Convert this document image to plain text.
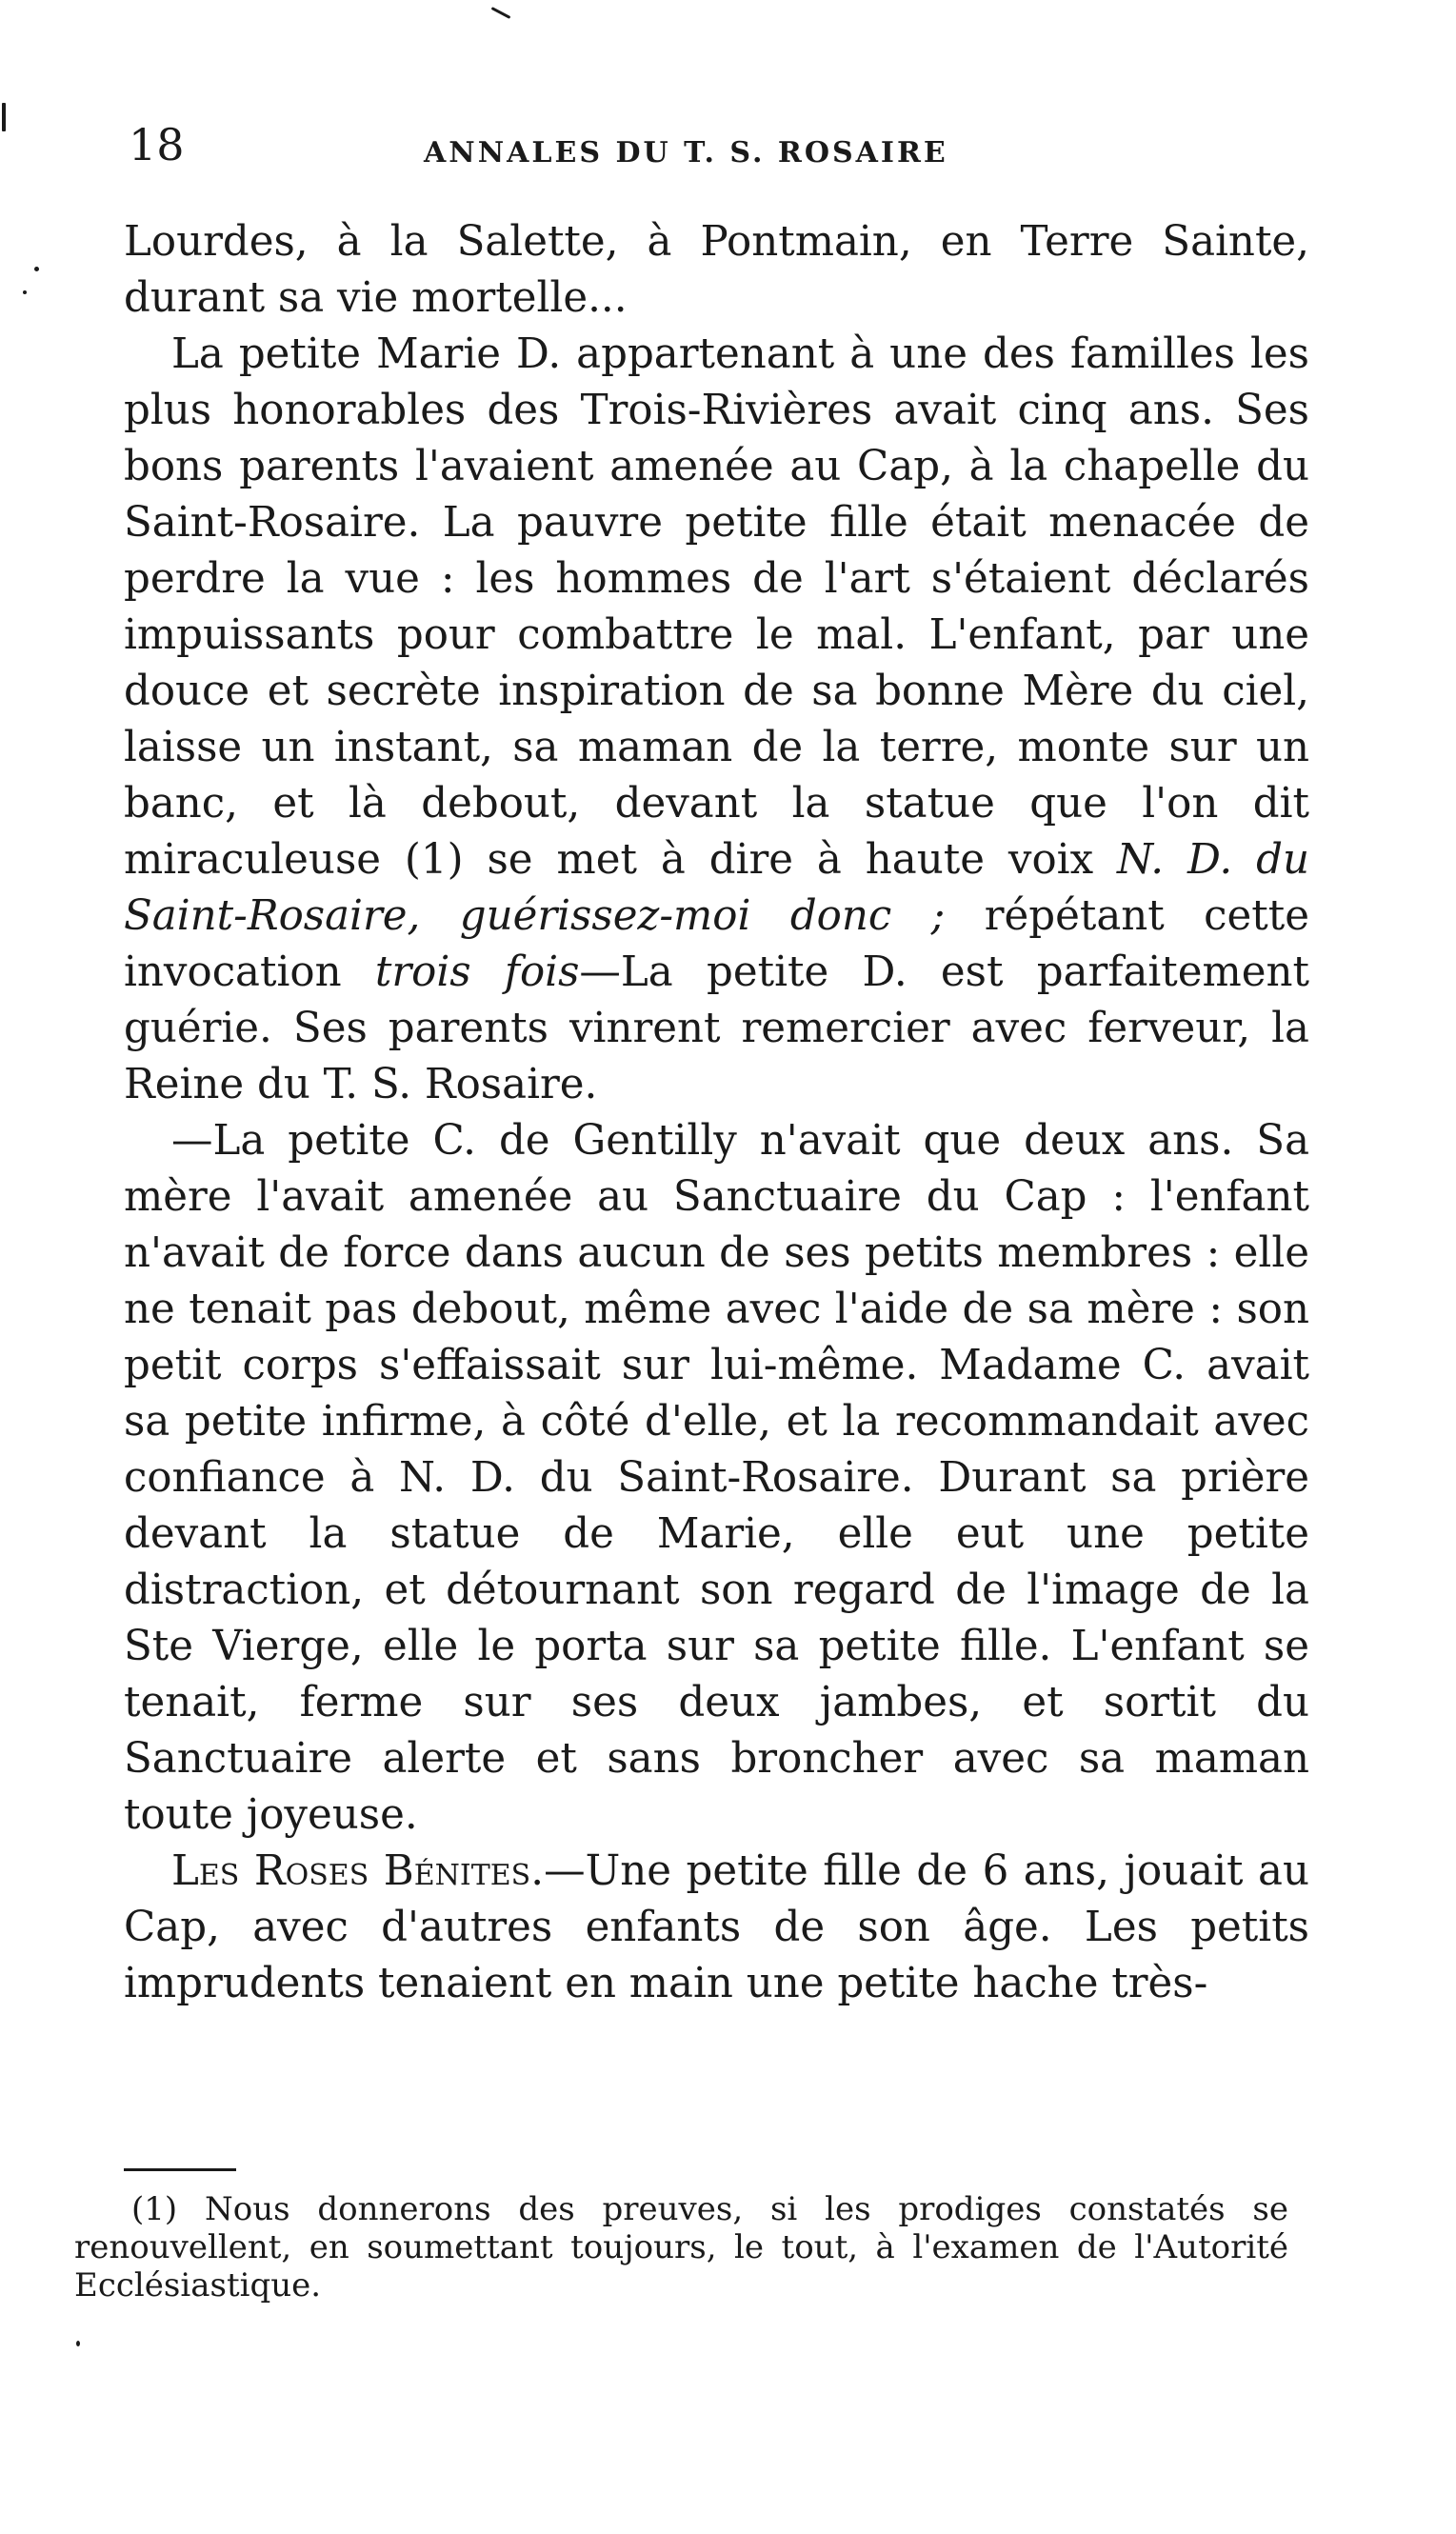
18	ANNALES DU T. S. ROSAIRE

Lourdes, à la Salette, à Pontmain, en Terre Sainte, durant sa vie mortelle...

La petite Marie D. appartenant à une des familles les plus honorables des Trois-Rivières avait cinq ans. Ses bons parents l'avaient amenée au Cap, à la chapelle du Saint-Rosaire. La pauvre petite fille était menacée de perdre la vue : les hommes de l'art s'étaient déclarés impuissants pour combattre le mal. L'enfant, par une douce et secrète inspiration de sa bonne Mère du ciel, laisse un instant, sa maman de la terre, monte sur un banc, et là debout, devant la statue que l'on dit miraculeuse (1) se met à dire à haute voix N. D. du Saint-Rosaire, guérissez-moi donc ; répétant cette invocation trois fois—La petite D. est parfaitement guérie. Ses parents vinrent remercier avec ferveur, la Reine du T. S. Rosaire.

—La petite C. de Gentilly n'avait que deux ans. Sa mère l'avait amenée au Sanctuaire du Cap : l'enfant n'avait de force dans aucun de ses petits membres : elle ne tenait pas debout, même avec l'aide de sa mère : son petit corps s'effaissait sur lui-même. Madame C. avait sa petite infirme, à côté d'elle, et la recommandait avec confiance à N. D. du Saint-Rosaire. Durant sa prière devant la statue de Marie, elle eut une petite distraction, et détournant son regard de l'image de la Ste Vierge, elle le porta sur sa petite fille. L'enfant se tenait, ferme sur ses deux jambes, et sortit du Sanctuaire alerte et sans broncher avec sa maman toute joyeuse.

Les Roses Bénites.—Une petite fille de 6 ans, jouait au Cap, avec d'autres enfants de son âge. Les petits imprudents tenaient en main une petite hache très-

(1) Nous donnerons des preuves, si les prodiges constatés se renouvellent, en soumettant toujours, le tout, à l'examen de l'Autorité Ecclésiastique.
